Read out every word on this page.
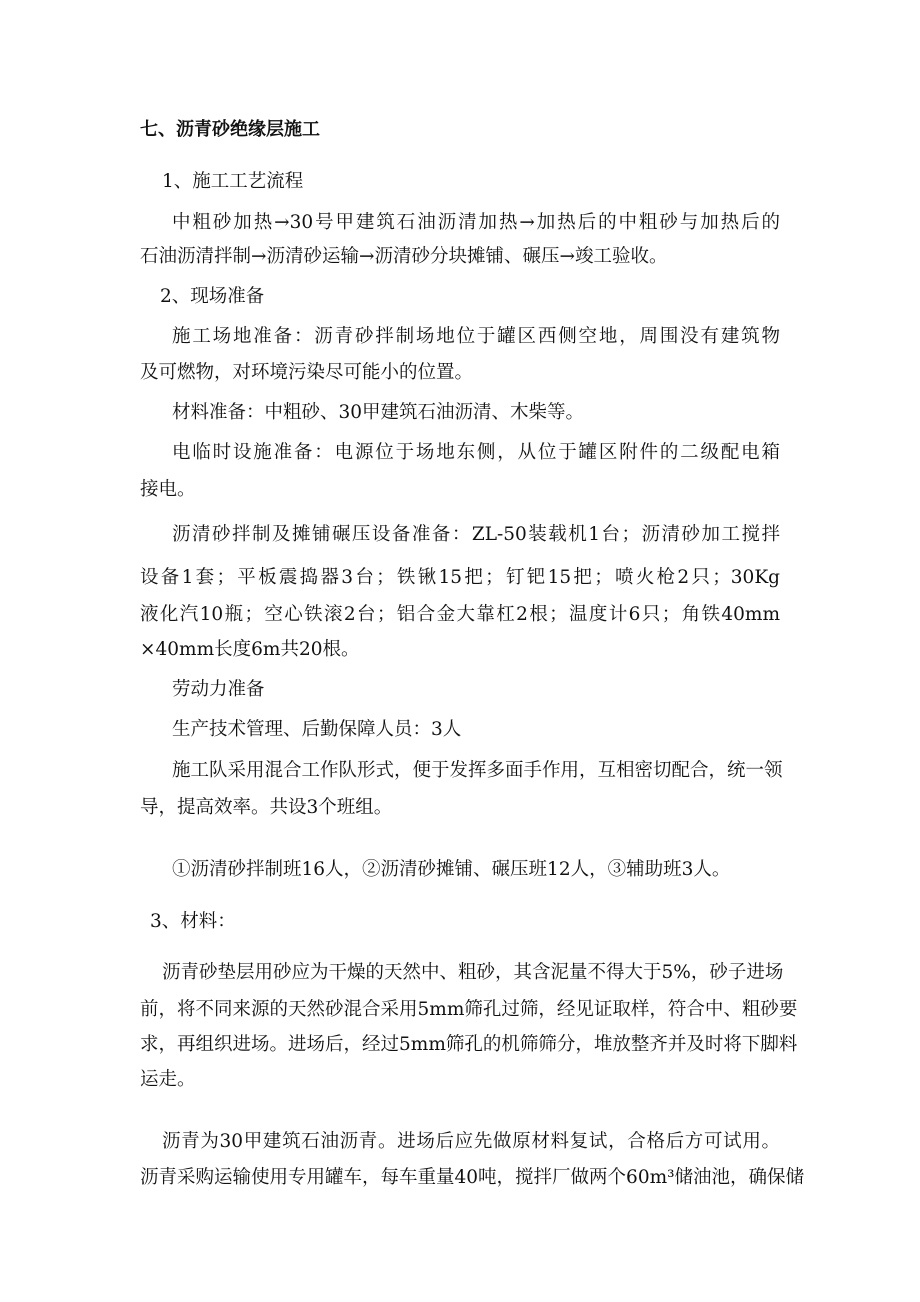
七、沥青砂绝缘层施工
1、施工工艺流程
中粗砂加热→30号甲建筑石油沥清加热→加热后的中粗砂与加热后的
石油沥清拌制→沥清砂运输→沥清砂分块摊铺、碾压→竣工验收。
2、现场准备
施工场地准备：沥青砂拌制场地位于罐区西侧空地，周围没有建筑物
及可燃物，对环境污染尽可能小的位置。
材料准备：中粗砂、30甲建筑石油沥清、木柴等。
电临时设施准备：电源位于场地东侧，从位于罐区附件的二级配电箱
接电。
沥清砂拌制及摊铺碾压设备准备：ZL-50装载机1台；沥清砂加工搅拌
设备1套；平板震捣器3台；铁锹15把；钉钯15把；喷火枪2只；30Kg
液化汽10瓶；空心铁滚2台；铝合金大靠杠2根；温度计6只；角铁40mm
×40mm长度6m共20根。
劳动力准备
生产技术管理、后勤保障人员：3人
施工队采用混合工作队形式，便于发挥多面手作用，互相密切配合，统一领
导，提高效率。共设3个班组。
①沥清砂拌制班16人，②沥清砂摊铺、碾压班12人，③辅助班3人。
3、材料：
沥青砂垫层用砂应为干燥的天然中、粗砂，其含泥量不得大于5%，砂子进场
前，将不同来源的天然砂混合采用5mm筛孔过筛，经见证取样，符合中、粗砂要
求，再组织进场。进场后，经过5mm筛孔的机筛筛分，堆放整齐并及时将下脚料
运走。
沥青为30甲建筑石油沥青。进场后应先做原材料复试，合格后方可试用。
沥青采购运输使用专用罐车，每车重量40吨，搅拌厂做两个60m³储油池，确保储
